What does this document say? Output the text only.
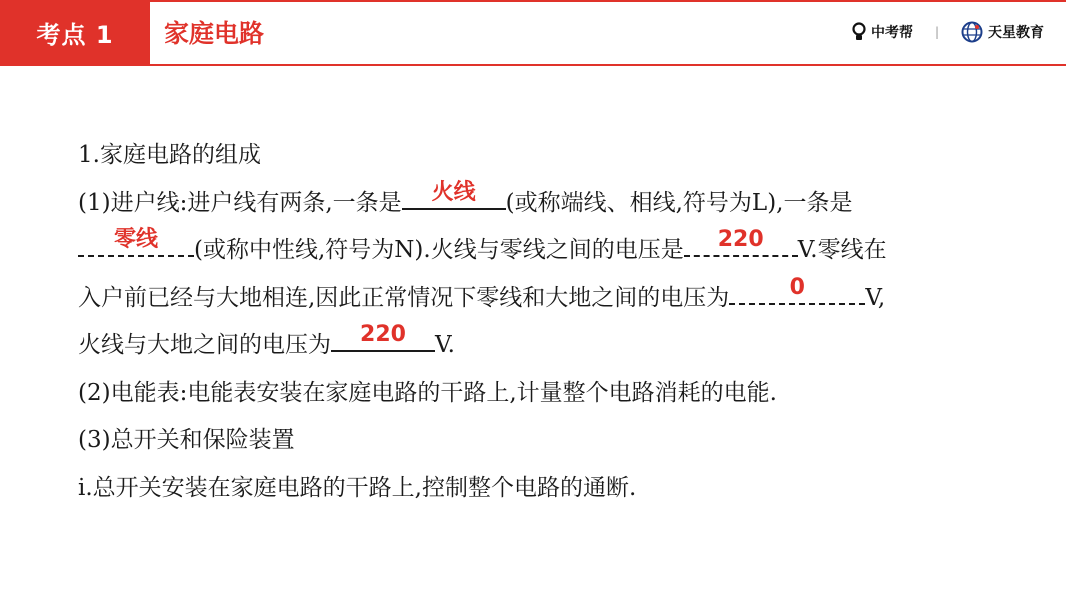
考点 1	家庭电路	中考帮 |	天星教育
1.家庭电路的组成
(1)进户线:进户线有两条,一条是	火线	(或称端线、相线,符号为L),一条是
零线	(或称中性线,符号为N).火线与零线之间的电压是	220	V.零线在
入户前已经与大地相连,因此正常情况下零线和大地之间的电压为	0	V,
火线与大地之间的电压为	220	V.
(2)电能表:电能表安装在家庭电路的干路上,计量整个电路消耗的电能.
(3)总开关和保险装置
ⅰ.总开关安装在家庭电路的干路上,控制整个电路的通断.
